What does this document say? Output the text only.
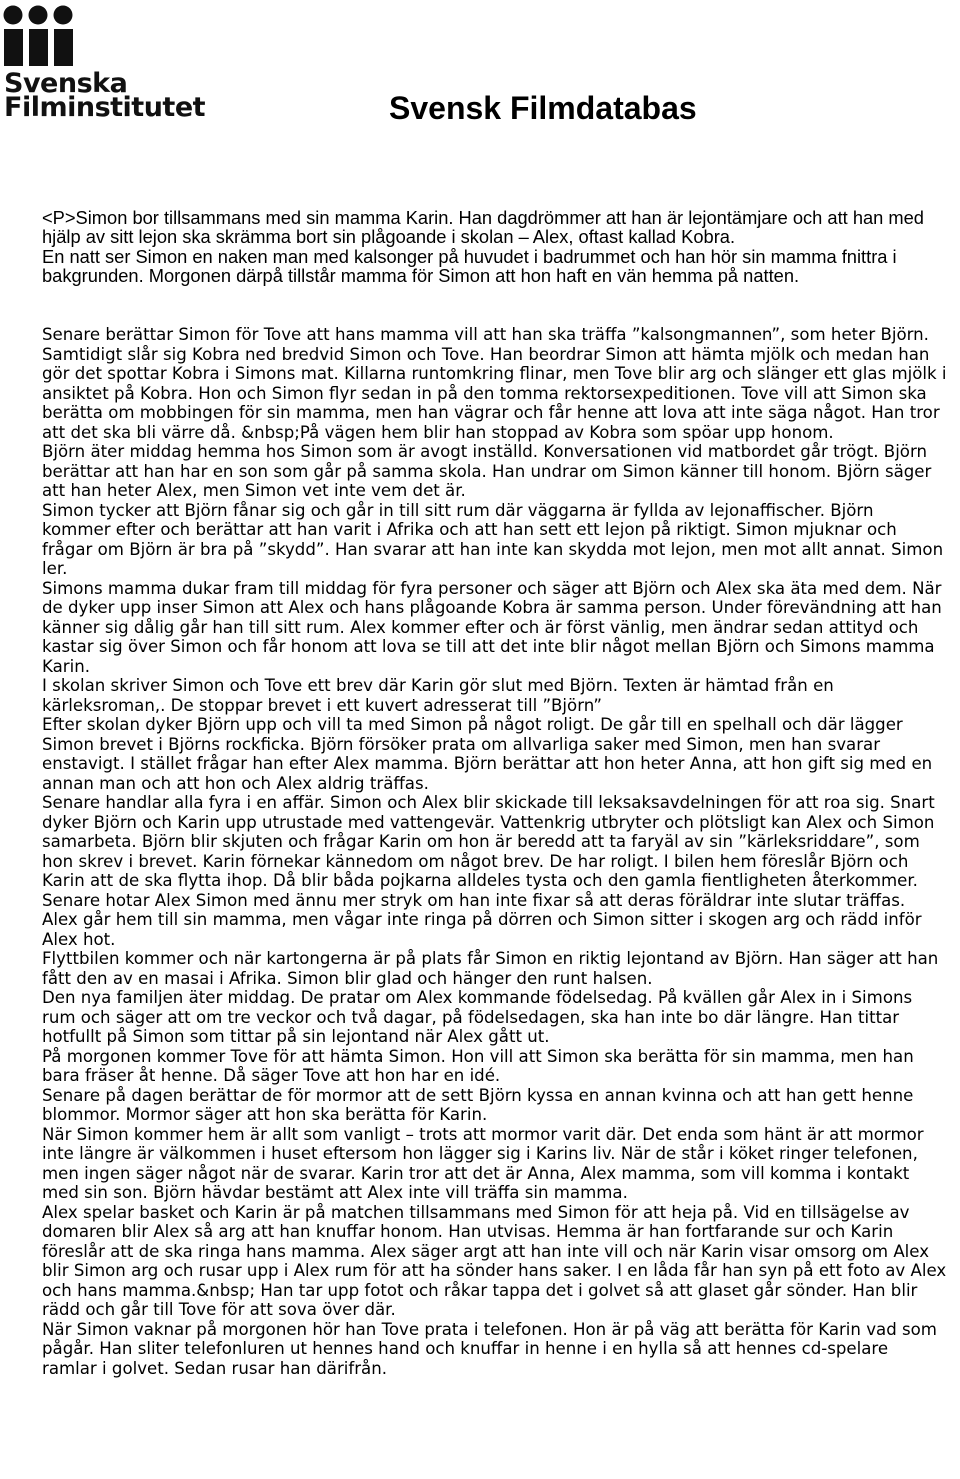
Svenska
Filminstitutet	Svensk Filmdatabas
<P>Simon bor tillsammans med sin mamma Karin. Han dagdrömmer att han är lejontämjare och att han med hjälp av sitt lejon ska skrämma bort sin plågoande i skolan – Alex, oftast kallad Kobra.
En natt ser Simon en naken man med kalsonger på huvudet i badrummet och han hör sin mamma fnittra i bakgrunden. Morgonen därpå tillstår mamma för Simon att hon haft en vän hemma på natten.

Senare berättar Simon för Tove att hans mamma vill att han ska träffa ”kalsongmannen”, som heter Björn. Samtidigt slår sig Kobra ned bredvid Simon och Tove. Han beordrar Simon att hämta mjölk och medan han gör det spottar Kobra i Simons mat. Killarna runtomkring flinar, men Tove blir arg och slänger ett glas mjölk i ansiktet på Kobra. Hon och Simon flyr sedan in på den tomma rektorsexpeditionen. Tove vill att Simon ska berätta om mobbingen för sin mamma, men han vägrar och får henne att lova att inte säga något. Han tror att det ska bli värre då. &nbsp;På vägen hem blir han stoppad av Kobra som spöar upp honom.

Björn äter middag hemma hos Simon som är avogt inställd. Konversationen vid matbordet går trögt. Björn berättar att han har en son som går på samma skola. Han undrar om Simon känner till honom. Björn säger att han heter Alex, men Simon vet inte vem det är.

Simon tycker att Björn fånar sig och går in till sitt rum där väggarna är fyllda av lejonaffischer. Björn kommer efter och berättar att han varit i Afrika och att han sett ett lejon på riktigt. Simon mjuknar och frågar om Björn är bra på ”skydd”. Han svarar att han inte kan skydda mot lejon, men mot allt annat. Simon ler.

Simons mamma dukar fram till middag för fyra personer och säger att Björn och Alex ska äta med dem. När de dyker upp inser Simon att Alex och hans plågoande Kobra är samma person. Under förevändning att han känner sig dålig går han till sitt rum. Alex kommer efter och är först vänlig, men ändrar sedan attityd och kastar sig över Simon och får honom att lova se till att det inte blir något mellan Björn och Simons mamma Karin.

I skolan skriver Simon och Tove ett brev där Karin gör slut med Björn. Texten är hämtad från en kärleksroman,. De stoppar brevet i ett kuvert adresserat till ”Björn”

Efter skolan dyker Björn upp och vill ta med Simon på något roligt. De går till en spelhall och där lägger Simon brevet i Björns rockficka. Björn försöker prata om allvarliga saker med Simon, men han svarar enstavigt. I stället frågar han efter Alex mamma. Björn berättar att hon heter Anna, att hon gift sig med en annan man och att hon och Alex aldrig träffas.

Senare handlar alla fyra i en affär. Simon och Alex blir skickade till leksaksavdelningen för att roa sig. Snart dyker Björn och Karin upp utrustade med vattengevär. Vattenkrig utbryter och plötsligt kan Alex och Simon samarbeta. Björn blir skjuten och frågar Karin om hon är beredd att ta faryäl av sin ”kärleksriddare”, som hon skrev i brevet. Karin förnekar kännedom om något brev. De har roligt. I bilen hem föreslår Björn och Karin att de ska flytta ihop. Då blir båda pojkarna alldeles tysta och den gamla fientligheten återkommer. Senare hotar Alex Simon med ännu mer stryk om han inte fixar så att deras föräldrar inte slutar träffas.

Alex går hem till sin mamma, men vågar inte ringa på dörren och Simon sitter i skogen arg och rädd inför Alex hot.

Flyttbilen kommer och när kartongerna är på plats får Simon en riktig lejontand av Björn. Han säger att han fått den av en masai i Afrika. Simon blir glad och hänger den runt halsen.

Den nya familjen äter middag. De pratar om Alex kommande födelsedag. På kvällen går Alex in i Simons rum och säger att om tre veckor och två dagar, på födelsedagen, ska han inte bo där längre. Han tittar hotfullt på Simon som tittar på sin lejontand när Alex gått ut.

På morgonen kommer Tove för att hämta Simon. Hon vill att Simon ska berätta för sin mamma, men han bara fräser åt henne. Då säger Tove att hon har en idé.

Senare på dagen berättar de för mormor att de sett Björn kyssa en annan kvinna och att han gett henne blommor. Mormor säger att hon ska berätta för Karin.

När Simon kommer hem är allt som vanligt – trots att mormor varit där. Det enda som hänt är att mormor inte längre är välkommen i huset eftersom hon lägger sig i Karins liv. När de står i köket ringer telefonen, men ingen säger något när de svarar. Karin tror att det är Anna, Alex mamma, som vill komma i kontakt med sin son. Björn hävdar bestämt att Alex inte vill träffa sin mamma.

Alex spelar basket och Karin är på matchen tillsammans med Simon för att heja på. Vid en tillsägelse av domaren blir Alex så arg att han knuffar honom. Han utvisas. Hemma är han fortfarande sur och Karin föreslår att de ska ringa hans mamma. Alex säger argt att han inte vill och när Karin visar omsorg om Alex blir Simon arg och rusar upp i Alex rum för att ha sönder hans saker. I en låda får han syn på ett foto av Alex och hans mamma.&nbsp; Han tar upp fotot och råkar tappa det i golvet så att glaset går sönder. Han blir rädd och går till Tove för att sova över där.

När Simon vaknar på morgonen hör han Tove prata i telefonen. Hon är på väg att berätta för Karin vad som pågår. Han sliter telefonluren ut hennes hand och knuffar in henne i en hylla så att hennes cd-spelare ramlar i golvet. Sedan rusar han därifrån.
